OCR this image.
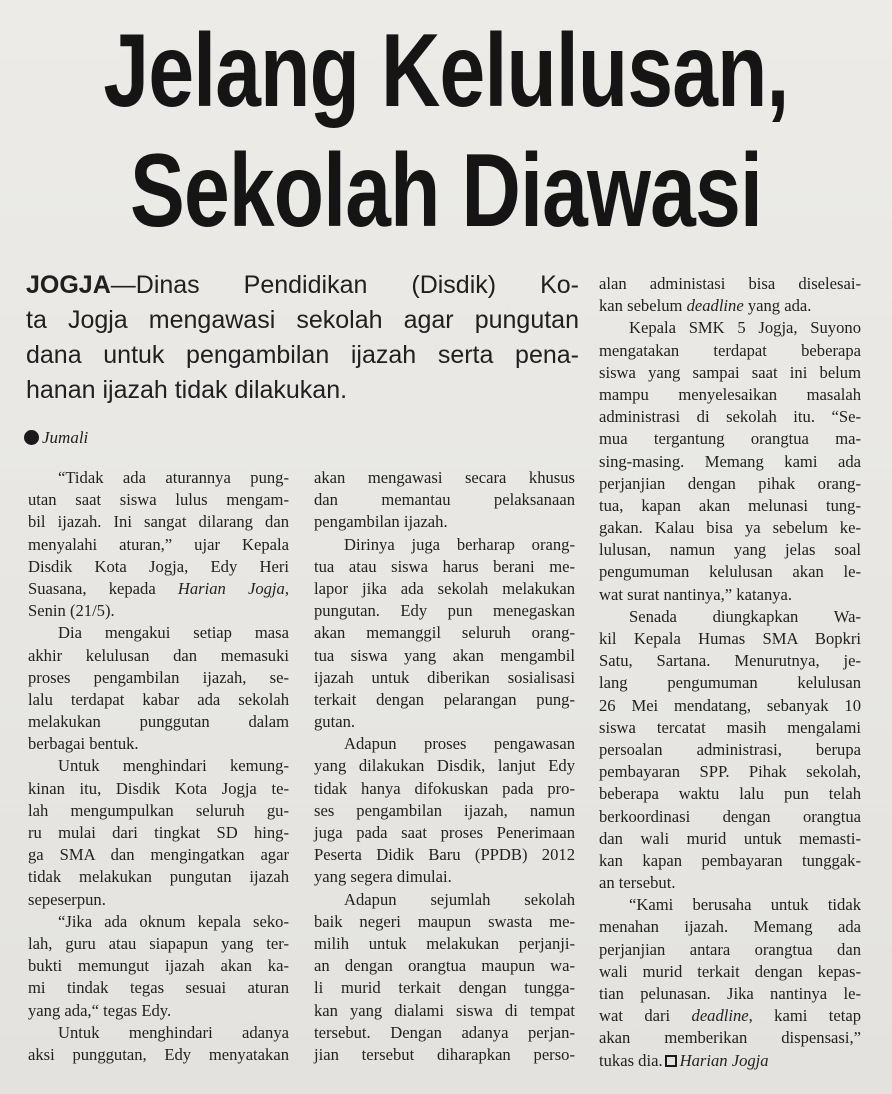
Jelang Kelulusan,
Sekolah Diawasi

JOGJA—Dinas Pendidikan (Disdik) Ko-
ta Jogja mengawasi sekolah agar pungutan
dana untuk pengambilan ijazah serta pena-
hanan ijazah tidak dilakukan.

Jumali
“Tidak ada aturannya pung-
utan saat siswa lulus mengam-
bil ijazah. Ini sangat dilarang dan
menyalahi aturan,” ujar Kepala
Disdik Kota Jogja, Edy Heri
Suasana, kepada Harian Jogja,
Senin (21/5).
Dia mengakui setiap masa
akhir kelulusan dan memasuki
proses pengambilan ijazah, se-
lalu terdapat kabar ada sekolah
melakukan punggutan dalam
berbagai bentuk.
Untuk menghindari kemung-
kinan itu, Disdik Kota Jogja te-
lah mengumpulkan seluruh gu-
ru mulai dari tingkat SD hing-
ga SMA dan mengingatkan agar
tidak melakukan pungutan ijazah
sepeserpun.
“Jika ada oknum kepala seko-
lah, guru atau siapapun yang ter-
bukti memungut ijazah akan ka-
mi tindak tegas sesuai aturan
yang ada,“ tegas Edy.
Untuk menghindari adanya
aksi punggutan, Edy menyatakan
akan mengawasi secara khusus
dan memantau pelaksanaan
pengambilan ijazah.
Dirinya juga berharap orang-
tua atau siswa harus berani me-
lapor jika ada sekolah melakukan
pungutan. Edy pun menegaskan
akan memanggil seluruh orang-
tua siswa yang akan mengambil
ijazah untuk diberikan sosialisasi
terkait dengan pelarangan pung-
gutan.
Adapun proses pengawasan
yang dilakukan Disdik, lanjut Edy
tidak hanya difokuskan pada pro-
ses pengambilan ijazah, namun
juga pada saat proses Penerimaan
Peserta Didik Baru (PPDB) 2012
yang segera dimulai.
Adapun sejumlah sekolah
baik negeri maupun swasta me-
milih untuk melakukan perjanji-
an dengan orangtua maupun wa-
li murid terkait dengan tungga-
kan yang dialami siswa di tempat
tersebut. Dengan adanya perjan-
jian tersebut diharapkan perso-
alan administasi bisa diselesai-
kan sebelum deadline yang ada.
Kepala SMK 5 Jogja, Suyono
mengatakan terdapat beberapa
siswa yang sampai saat ini belum
mampu menyelesaikan masalah
administrasi di sekolah itu. “Se-
mua tergantung orangtua ma-
sing-masing. Memang kami ada
perjanjian dengan pihak orang-
tua, kapan akan melunasi tung-
gakan. Kalau bisa ya sebelum ke-
lulusan, namun yang jelas soal
pengumuman kelulusan akan le-
wat surat nantinya,” katanya.
Senada diungkapkan Wa-
kil Kepala Humas SMA Bopkri
Satu, Sartana. Menurutnya, je-
lang pengumuman kelulusan
26 Mei mendatang, sebanyak 10
siswa tercatat masih mengalami
persoalan administrasi, berupa
pembayaran SPP. Pihak sekolah,
beberapa waktu lalu pun telah
berkoordinasi dengan orangtua
dan wali murid untuk memasti-
kan kapan pembayaran tunggak-
an tersebut.
“Kami berusaha untuk tidak
menahan ijazah. Memang ada
perjanjian antara orangtua dan
wali murid terkait dengan kepas-
tian pelunasan. Jika nantinya le-
wat dari deadline, kami tetap
akan memberikan dispensasi,”
tukas dia. Harian Jogja
